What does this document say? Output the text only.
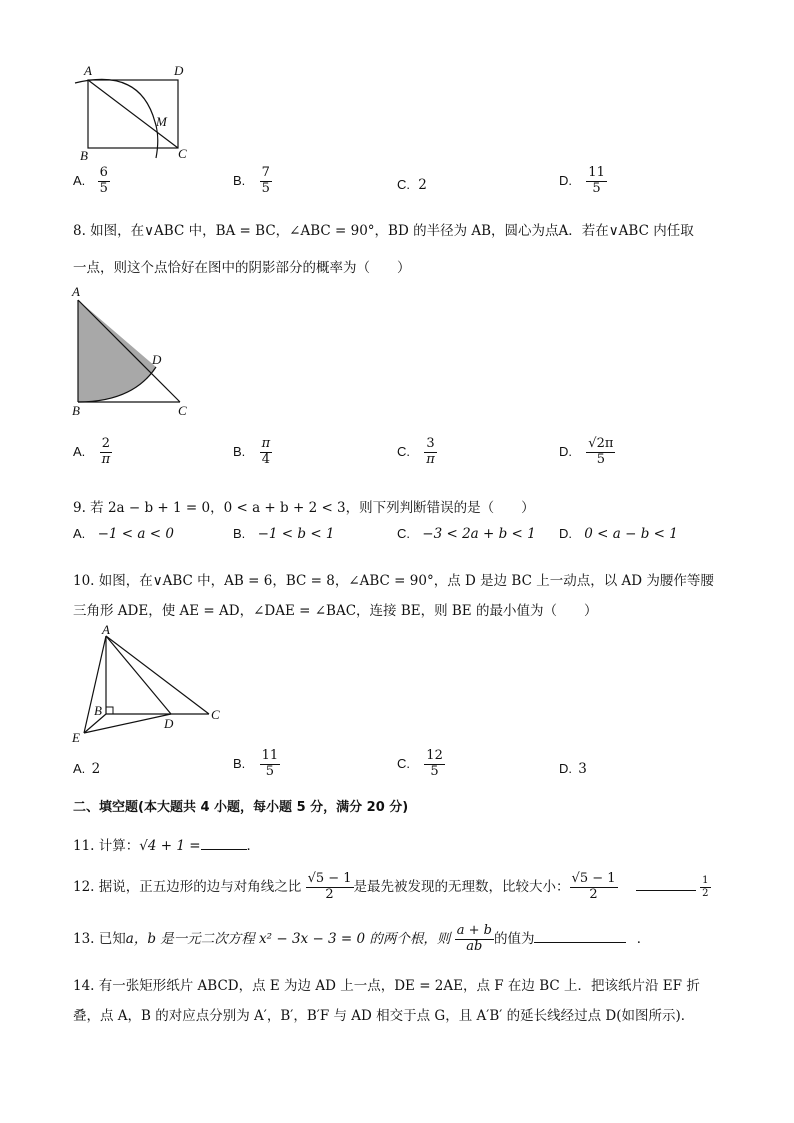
A	D
M
B	C
A. $\frac{6}{5}$	B. $\frac{7}{5}$	C. 2	D. $\frac{11}{5}$
8. 如图，在∨ABC 中，BA = BC，∠ABC = 90°，BD 的半径为 AB，圆心为点A．若在∨ABC 内任取
一点，则这个点恰好在图中的阴影部分的概率为（　　）
A
D
B	C
A. $\frac{2}{\pi}$	B. $\frac{\pi}{4}$	C. $\frac{3}{\pi}$	D. $\frac{√2\pi}{5}$
9. 若 2a − b + 1 = 0，0 < a + b + 2 < 3，则下列判断错误的是（　　）
A. −1 < a < 0	B. −1 < b < 1	C. −3 < 2a + b < 1 D. 0 < a − b < 1
10. 如图，在∨ABC 中，AB = 6，BC = 8，∠ABC = 90°，点 D 是边 BC 上一动点，以 AD 为腰作等腰
三角形 ADE，使 AE = AD，∠DAE = ∠BAC，连接 BE，则 BE 的最小值为（　　）
A
B
D
C
E
A. 2	B. $\frac{11}{5}$	C. $\frac{12}{5}$	D. 3
二、填空题(本大题共 4 小题，每小题 5 分，满分 20 分)
11. 计算：√4 + 1 =	．
12. 据说，正五边形的边与对角线之比 $\frac{√5 - 1}{2}$ 是最先被发现的无理数，比较大小： $\frac{√5 - 1}{2}$
	$\frac{1}{2}$
13. 已知a，b 是一元二次方程 x² − 3x − 3 = 0 的两个根，则 $\frac{a + b}{ab}$ 的值为	．
14. 有一张矩形纸片 ABCD，点 E 为边 AD 上一点，DE = 2AE，点 F 在边 BC 上．把该纸片沿 EF 折
叠，点 A，B 的对应点分别为 A′，B′，B′F 与 AD 相交于点 G，且 A′B′ 的延长线经过点 D(如图所示)．
